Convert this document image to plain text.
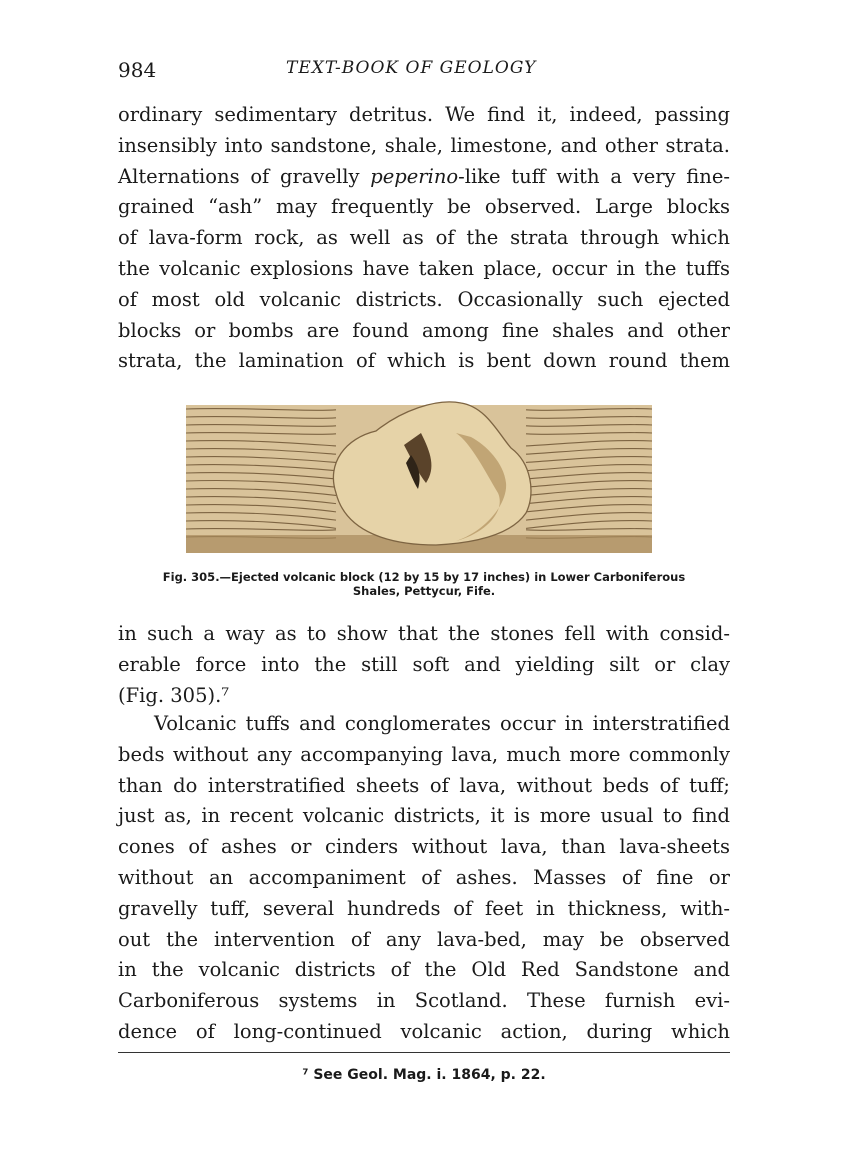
984	TEXT-BOOK OF GEOLOGY
ordinary sedimentary detritus. We find it, indeed, passing
insensibly into sandstone, shale, limestone, and other strata.
Alternations of gravelly peperino-like tuff with a very fine-
grained “ash” may frequently be observed. Large blocks
of lava-form rock, as well as of the strata through which
the volcanic explosions have taken place, occur in the tuffs
of most old volcanic districts. Occasionally such ejected
blocks or bombs are found among fine shales and other
strata, the lamination of which is bent down round them
Fig. 305.—Ejected volcanic block (12 by 15 by 17 inches) in Lower Carboniferous
Shales, Pettycur, Fife.
in such a way as to show that the stones fell with consid-
erable force into the still soft and yielding silt or clay
(Fig. 305).⁷
Volcanic tuffs and conglomerates occur in interstratified
beds without any accompanying lava, much more commonly
than do interstratified sheets of lava, without beds of tuff;
just as, in recent volcanic districts, it is more usual to find
cones of ashes or cinders without lava, than lava-sheets
without an accompaniment of ashes. Masses of fine or
gravelly tuff, several hundreds of feet in thickness, with-
out the intervention of any lava-bed, may be observed
in the volcanic districts of the Old Red Sandstone and
Carboniferous systems in Scotland. These furnish evi-
dence of long-continued volcanic action, during which
⁷ See Geol. Mag. i. 1864, p. 22.
